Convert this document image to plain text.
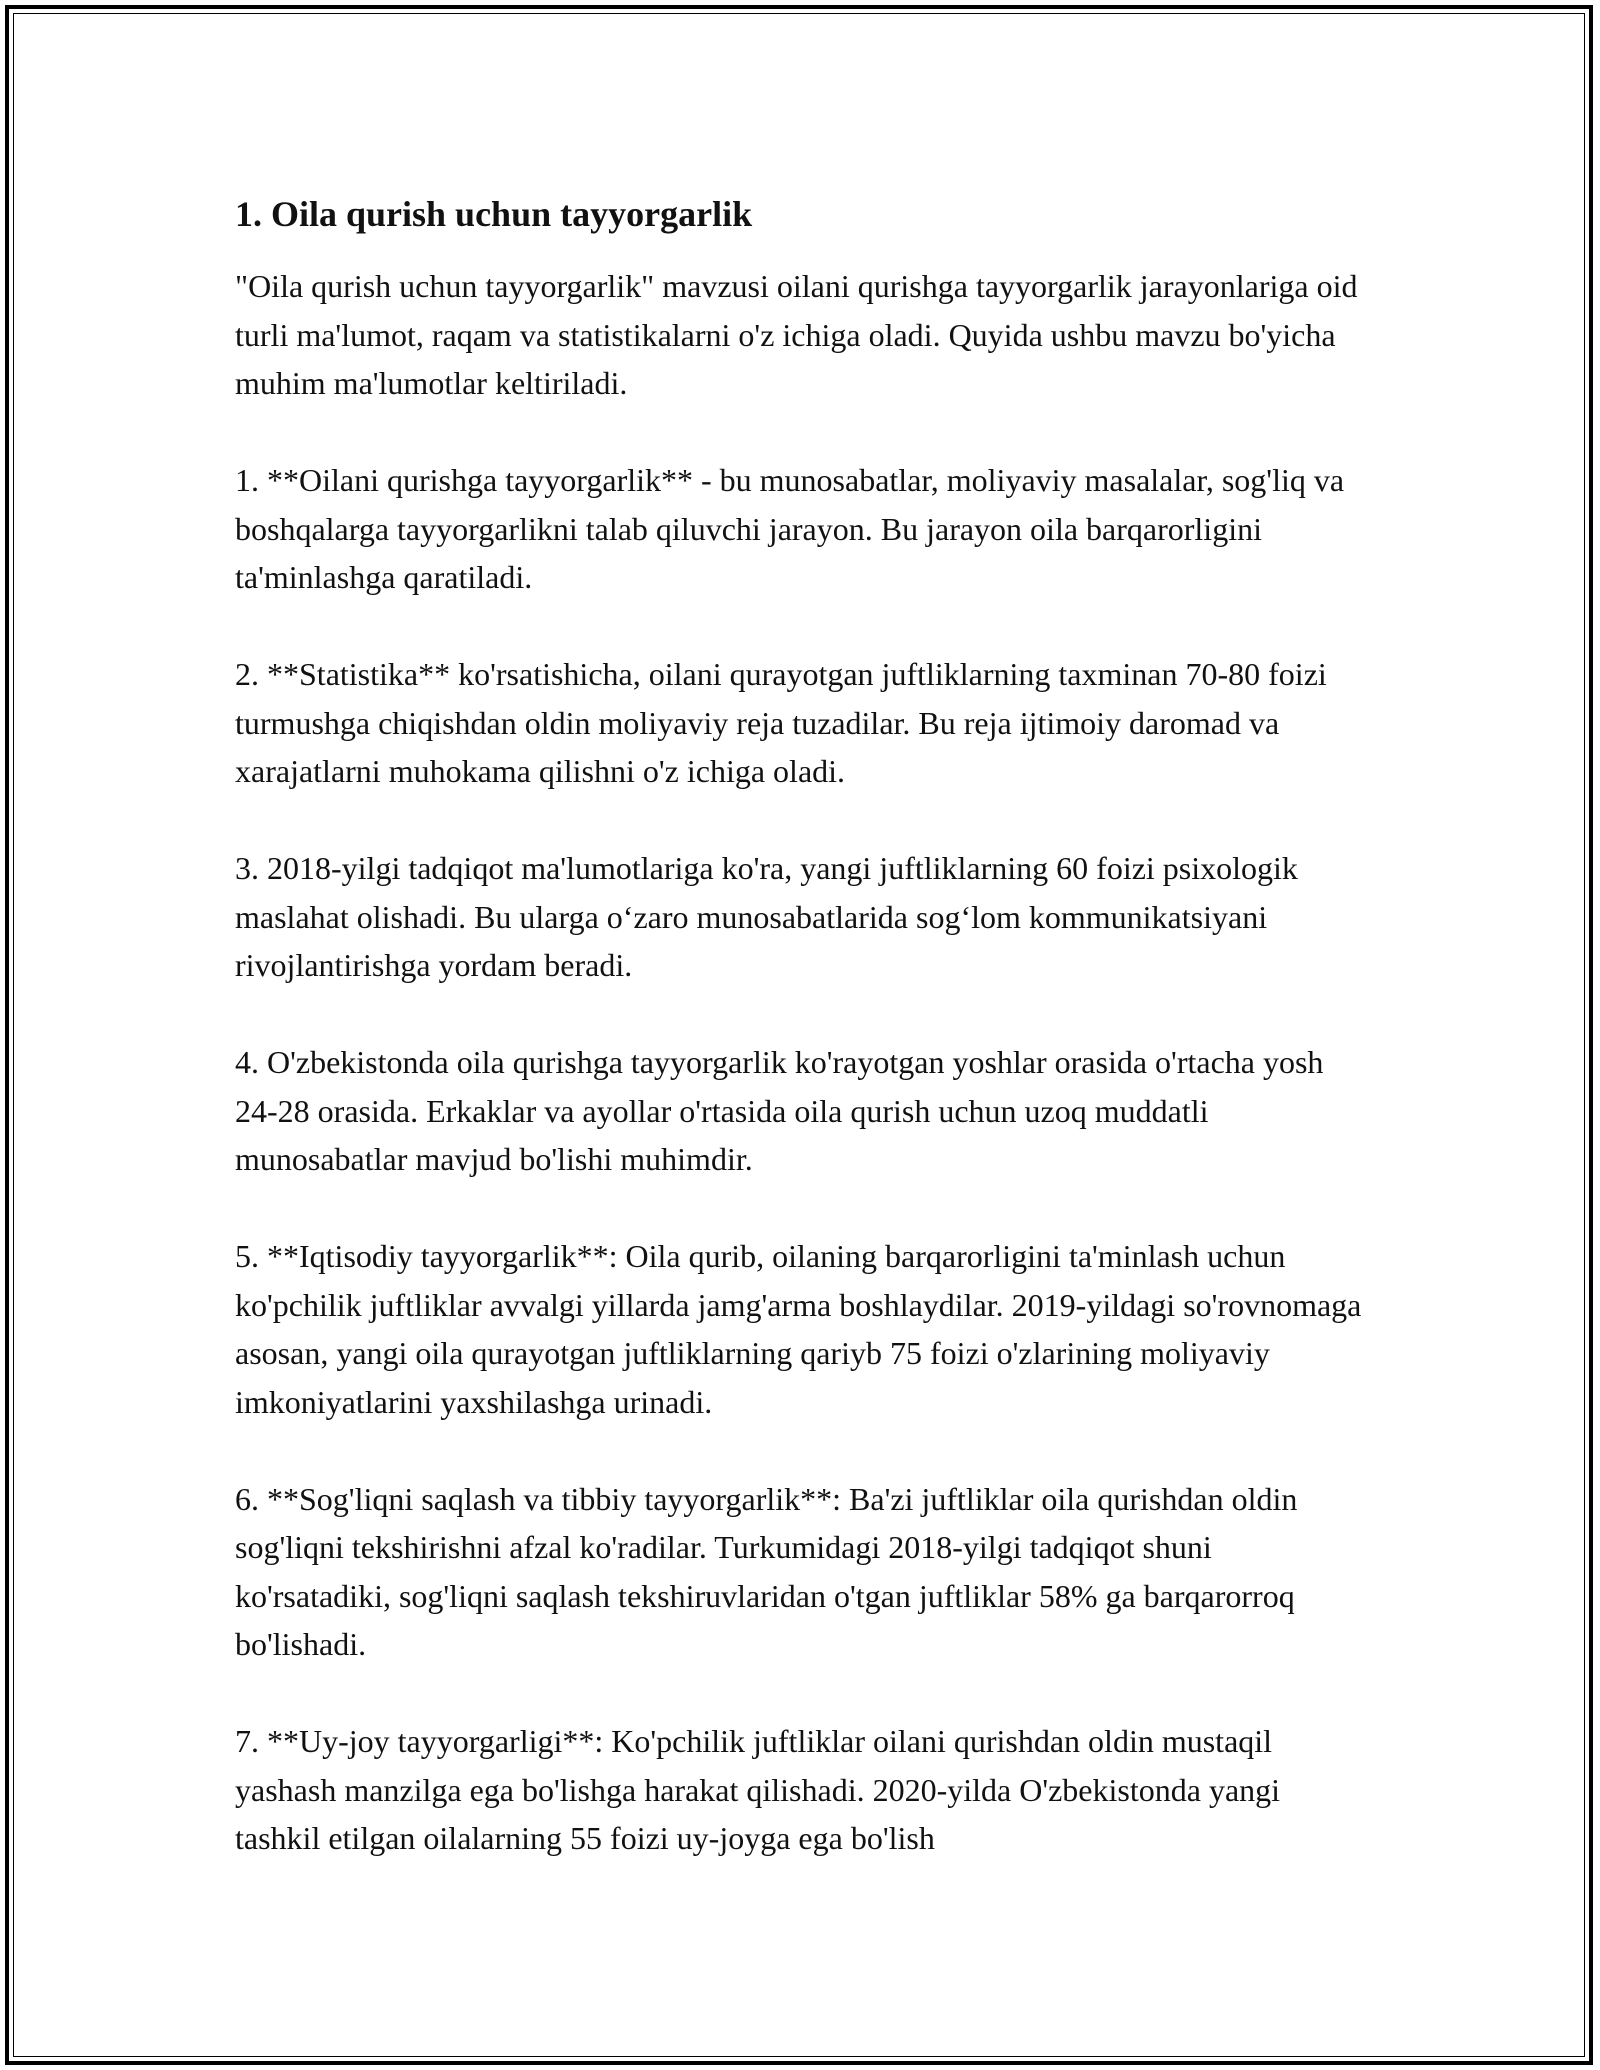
1. Oila qurish uchun tayyorgarlik

"Oila qurish uchun tayyorgarlik" mavzusi oilani qurishga tayyorgarlik jarayonlariga oid turli ma'lumot, raqam va statistikalarni o'z ichiga oladi. Quyida ushbu mavzu bo'yicha muhim ma'lumotlar keltiriladi.

1. **Oilani qurishga tayyorgarlik** - bu munosabatlar, moliyaviy masalalar, sog'liq va boshqalarga tayyorgarlikni talab qiluvchi jarayon. Bu jarayon oila barqarorligini ta'minlashga qaratiladi.

2. **Statistika** ko'rsatishicha, oilani qurayotgan juftliklarning taxminan 70-80 foizi turmushga chiqishdan oldin moliyaviy reja tuzadilar. Bu reja ijtimoiy daromad va xarajatlarni muhokama qilishni o'z ichiga oladi.

3. 2018-yilgi tadqiqot ma'lumotlariga ko'ra, yangi juftliklarning 60 foizi psixologik maslahat olishadi. Bu ularga o‘zaro munosabatlarida sog‘lom kommunikatsiyani rivojlantirishga yordam beradi.

4. O'zbekistonda oila qurishga tayyorgarlik ko'rayotgan yoshlar orasida o'rtacha yosh 24-28 orasida. Erkaklar va ayollar o'rtasida oila qurish uchun uzoq muddatli munosabatlar mavjud bo'lishi muhimdir.

5. **Iqtisodiy tayyorgarlik**: Oila qurib, oilaning barqarorligini ta'minlash uchun ko'pchilik juftliklar avvalgi yillarda jamg'arma boshlaydilar. 2019-yildagi so'rovnomaga asosan, yangi oila qurayotgan juftliklarning qariyb 75 foizi o'zlarining moliyaviy imkoniyatlarini yaxshilashga urinadi.

6. **Sog'liqni saqlash va tibbiy tayyorgarlik**: Ba'zi juftliklar oila qurishdan oldin sog'liqni tekshirishni afzal ko'radilar. Turkumidagi 2018-yilgi tadqiqot shuni ko'rsatadiki, sog'liqni saqlash tekshiruvlaridan o'tgan juftliklar 58% ga barqarorroq bo'lishadi.

7. **Uy-joy tayyorgarligi**: Ko'pchilik juftliklar oilani qurishdan oldin mustaqil yashash manzilga ega bo'lishga harakat qilishadi. 2020-yilda O'zbekistonda yangi tashkil etilgan oilalarning 55 foizi uy-joyga ega bo'lish
